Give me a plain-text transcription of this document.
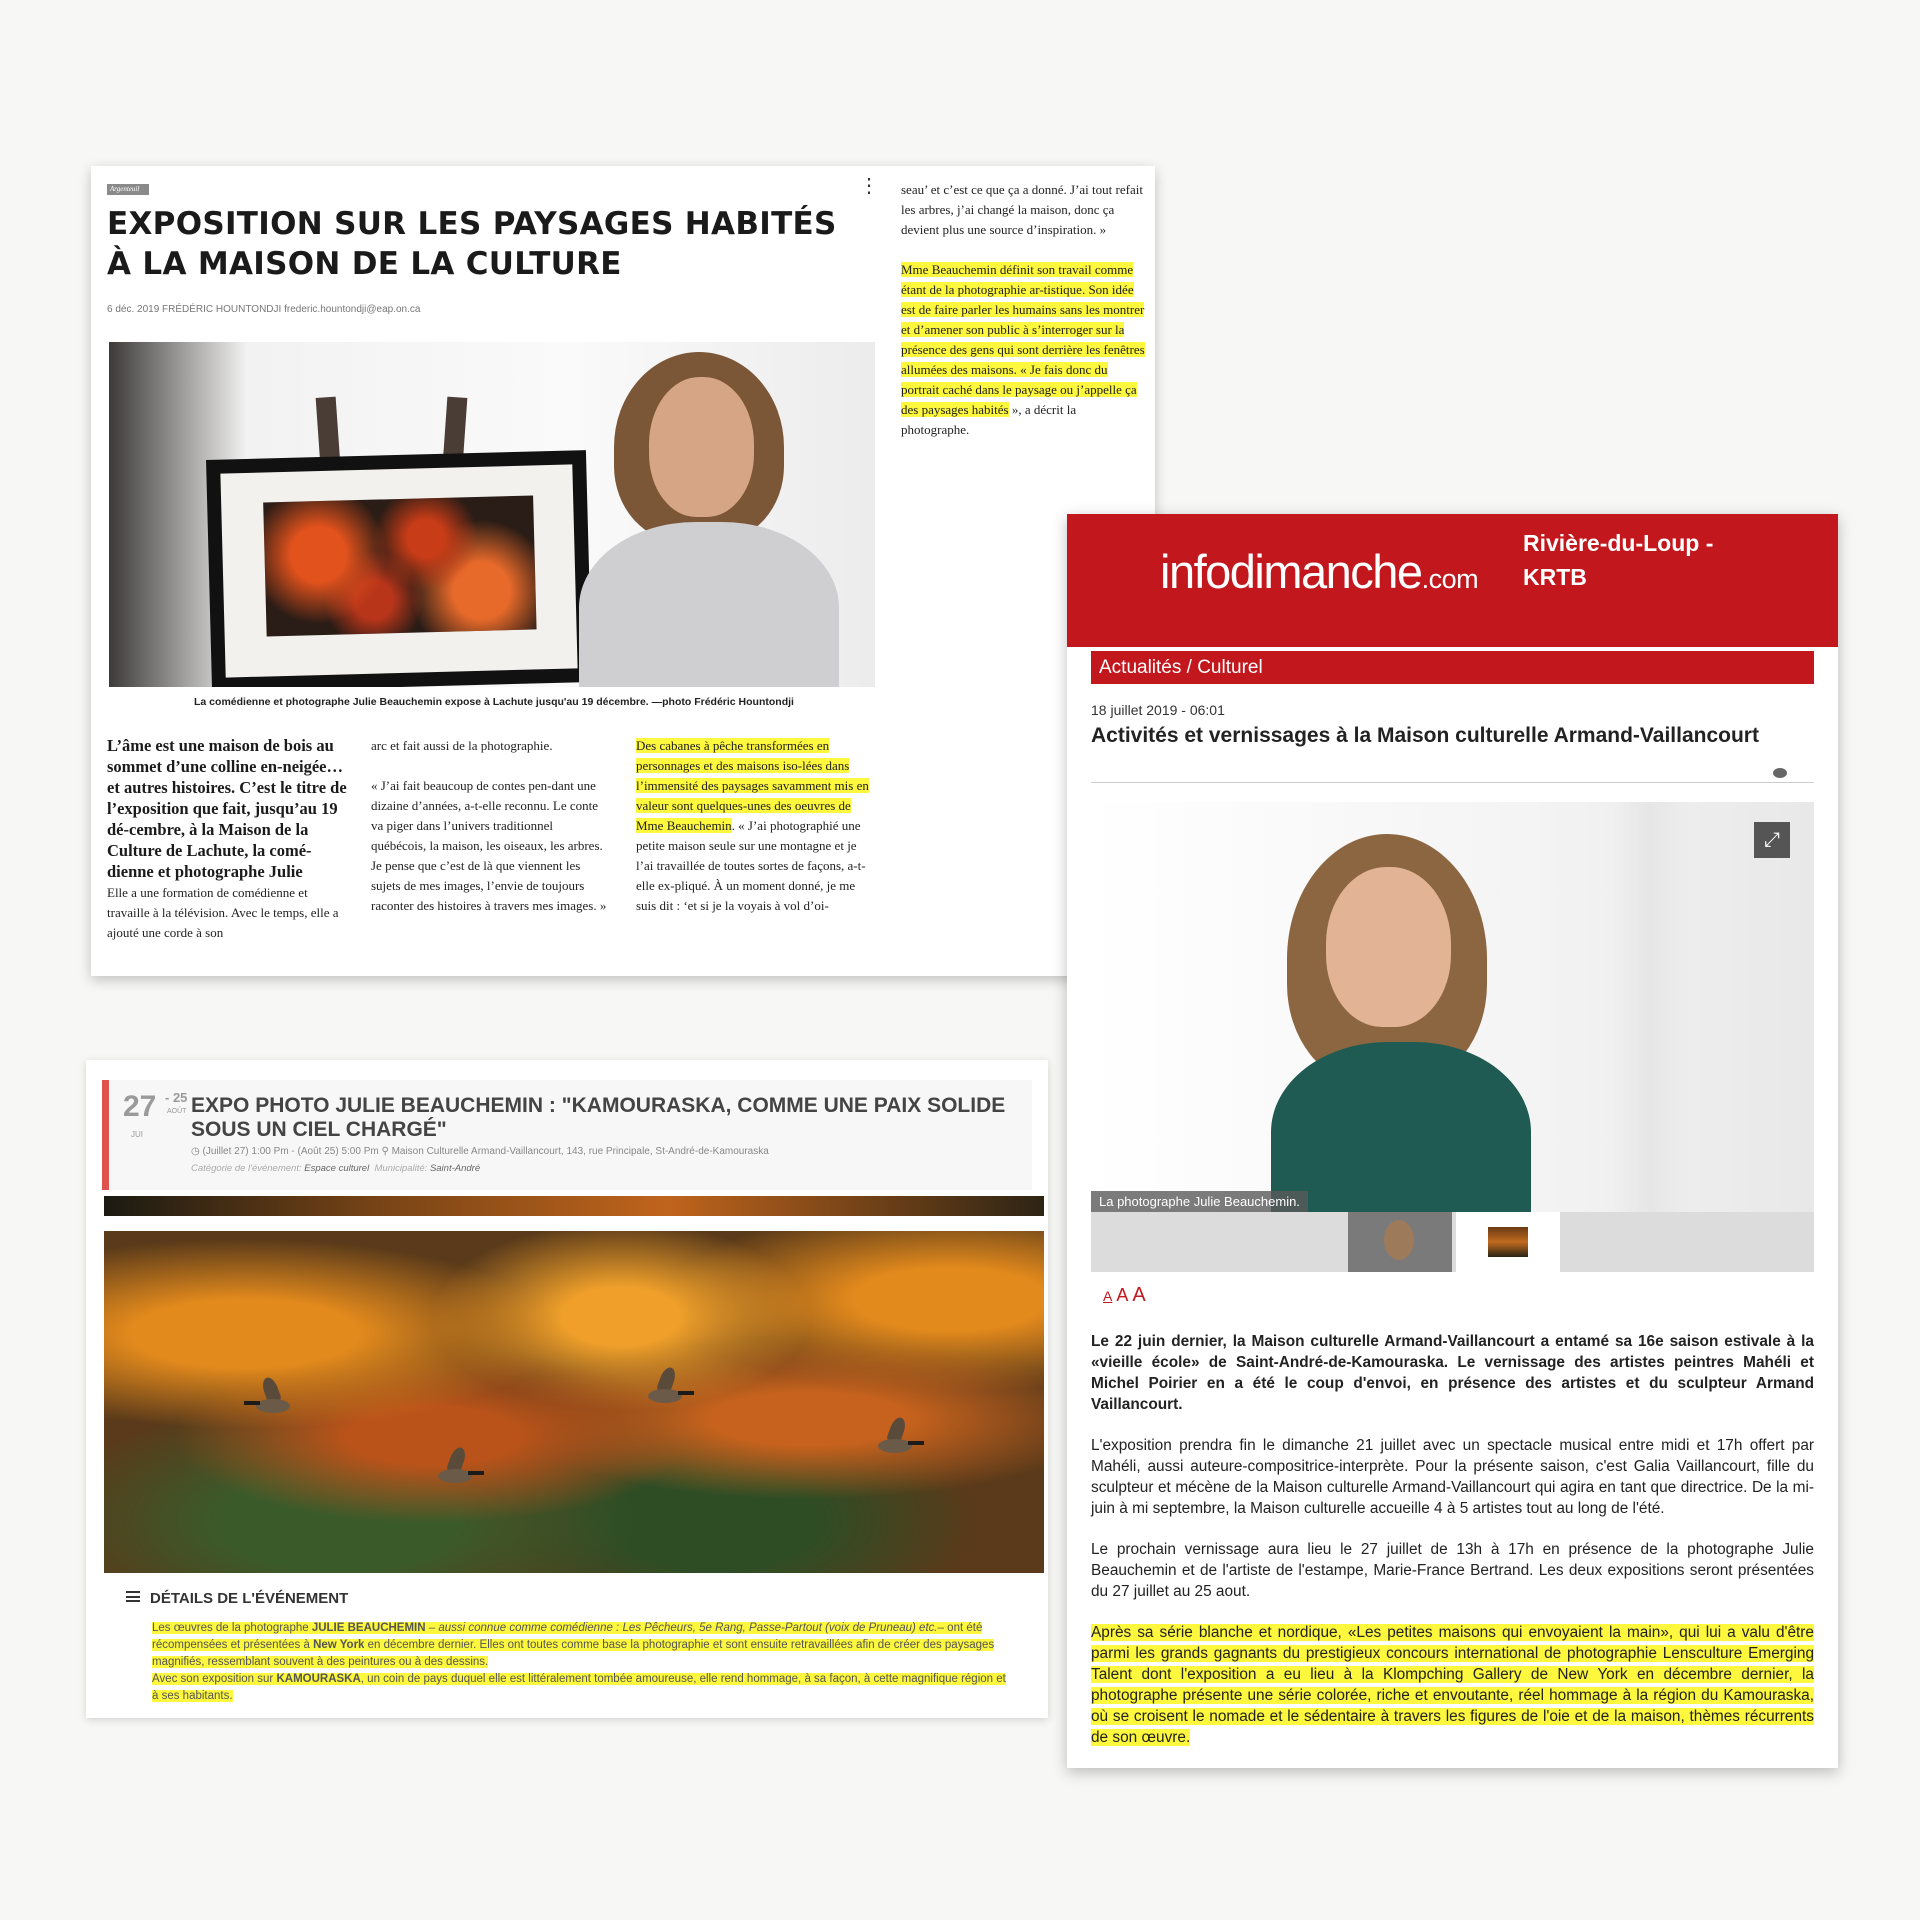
Argenteuil	⋮
EXPOSITION SUR LES PAYSAGES HABITÉS À LA MAISON DE LA CULTURE
6 déc. 2019 FRÉDÉRIC HOUNTONDJI frederic.hountondji@eap.on.ca
La comédienne et photographe Julie Beauchemin expose à Lachute jusqu'au 19 décembre. —photo Frédéric Hountondji

L’âme est une maison de bois au sommet d’une colline en-neigée…et autres histoires. C’est le titre de l’exposition que fait, jusqu’au 19 dé-cembre, à la Maison de la Culture de Lachute, la comé-dienne et photographe Julie

Elle a une formation de comédienne et travaille à la télévision. Avec le temps, elle a ajouté une corde à son

arc et fait aussi de la photographie.

« J’ai fait beaucoup de contes pen-dant une dizaine d’années, a-t-elle reconnu. Le conte va piger dans l’univers traditionnel québécois, la maison, les oiseaux, les arbres. Je pense que c’est de là que viennent les sujets de mes images, l’envie de toujours raconter des histoires à travers mes images. »

Des cabanes à pêche transformées en personnages et des maisons iso-lées dans l’immensité des paysages savamment mis en valeur sont quelques-unes des oeuvres de Mme Beauchemin. « J’ai photographié une petite maison seule sur une montagne et je l’ai travaillée de toutes sortes de façons, a-t-elle ex-pliqué. À un moment donné, je me suis dit : ‘et si je la voyais à vol d’oi-

seau’ et c’est ce que ça a donné. J’ai tout refait les arbres, j’ai changé la maison, donc ça devient plus une source d’inspiration. »

Mme Beauchemin définit son travail comme étant de la photographie ar-tistique. Son idée est de faire parler les humains sans les montrer et d’amener son public à s’interroger sur la présence des gens qui sont derrière les fenêtres allumées des maisons. « Je fais donc du portrait caché dans le paysage ou j’appelle ça des paysages habités », a décrit la photographe.

27 - 25
AOÛT
JUI
EXPO PHOTO JULIE BEAUCHEMIN : "KAMOURASKA, COMME UNE PAIX SOLIDE SOUS UN CIEL CHARGÉ"
◷ (Juillet 27) 1:00 Pm - (Août 25) 5:00 Pm ⚲ Maison Culturelle Armand-Vaillancourt, 143, rue Principale, St-André-de-Kamouraska
Catégorie de l'événement: Espace culturel Municipalité: Saint-André
DÉTAILS DE L'ÉVÉNEMENT
Les œuvres de la photographe JULIE BEAUCHEMIN – aussi connue comme comédienne : Les Pêcheurs, 5e Rang, Passe-Partout (voix de Pruneau) etc.– ont été récompensées et présentées à New York en décembre dernier. Elles ont toutes comme base la photographie et sont ensuite retravaillées afin de créer des paysages magnifiés, ressemblant souvent à des peintures ou à des dessins.
Avec son exposition sur KAMOURASKA, un coin de pays duquel elle est littéralement tombée amoureuse, elle rend hommage, à sa façon, à cette magnifique région et à ses habitants.
infodimanche.com
Rivière-du-Loup - KRTB
Actualités / Culturel
18 juillet 2019 - 06:01
Activités et vernissages à la Maison culturelle Armand-Vaillancourt
⤢
La photographe Julie Beauchemin.
A A A

Le 22 juin dernier, la Maison culturelle Armand-Vaillancourt a entamé sa 16e saison estivale à la «vieille école» de Saint-André-de-Kamouraska. Le vernissage des artistes peintres Mahéli et Michel Poirier en a été le coup d'envoi, en présence des artistes et du sculpteur Armand Vaillancourt.

L'exposition prendra fin le dimanche 21 juillet avec un spectacle musical entre midi et 17h offert par Mahéli, aussi auteure-compositrice-interprète. Pour la présente saison, c'est Galia Vaillancourt, fille du sculpteur et mécène de la Maison culturelle Armand-Vaillancourt qui agira en tant que directrice. De la mi-juin à mi septembre, la Maison culturelle accueille 4 à 5 artistes tout au long de l'été.

Le prochain vernissage aura lieu le 27 juillet de 13h à 17h en présence de la photographe Julie Beauchemin et de l'artiste de l'estampe, Marie-France Bertrand. Les deux expositions seront présentées du 27 juillet au 25 aout.

Après sa série blanche et nordique, «Les petites maisons qui envoyaient la main», qui lui a valu d'être parmi les grands gagnants du prestigieux concours international de photographie Lensculture Emerging Talent dont l'exposition a eu lieu à la Klompching Gallery de New York en décembre dernier, la photographe présente une série colorée, riche et envoutante, réel hommage à la région du Kamouraska, où se croisent le nomade et le sédentaire à travers les figures de l'oie et de la maison, thèmes récurrents de son œuvre.
